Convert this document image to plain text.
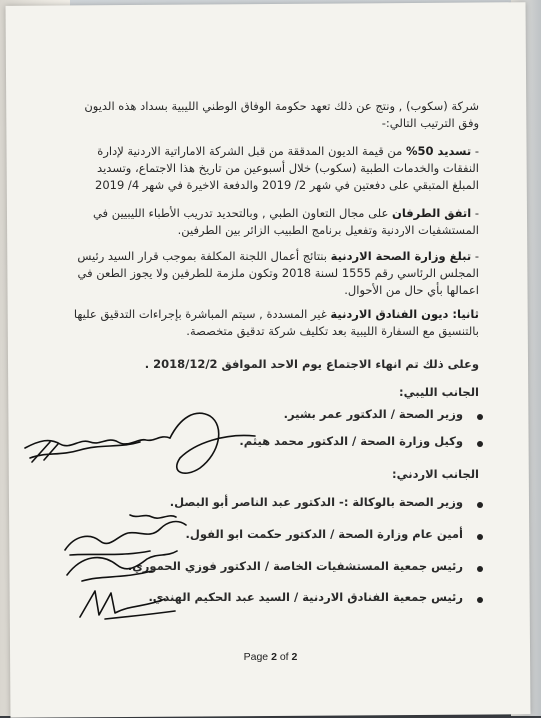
شركة (سكوب) , ونتج عن ذلك تعهد حكومة الوفاق الوطني الليبية بسداد هذه الديون
وفق الترتيب التالي:-
- تسديد 50% من قيمة الديون المدققة من قبل الشركة الاماراتية الاردنية لإدارة النفقات والخدمات الطبية (سكوب) خلال أسبوعين من تاريخ هذا الاجتماع، وتسديد المبلغ المتبقي على دفعتين في شهر 2/ 2019 والدفعة الاخيرة في شهر 4/ 2019
- اتفق الطرفان على مجال التعاون الطبي , وبالتحديد تدريب الأطباء الليبيين في المستشفيات الاردنية وتفعيل برنامج الطبيب الزائر بين الطرفين.
- تبلغ وزارة الصحة الاردنية بنتائج أعمال اللجنة المكلفة بموجب قرار السيد رئيس المجلس الرئاسي رقم 1555 لسنة 2018 وتكون ملزمة للطرفين ولا يجوز الطعن في اعمالها بأي حال من الأحوال.
ثانيا: ديون الفنادق الاردنية غير المسددة , سيتم المباشرة بإجراءات التدقيق عليها بالتنسيق مع السفارة الليبية بعد تكليف شركة تدقيق متخصصة.
وعلى ذلك تم انهاء الاجتماع يوم الاحد الموافق 2018/12/2 .
الجانب الليبي:
وزير الصحة / الدكتور عمر بشير.
وكيل وزارة الصحة / الدكتور محمد هيثم.
الجانب الاردني:
وزير الصحة بالوكالة :- الدكتور عبد الناصر أبو البصل.
أمين عام وزارة الصحة / الدكتور حكمت ابو الفول.
رئيس جمعية المستشفيات الخاصة / الدكتور فوزي الحموري.
رئيس جمعية الفنادق الاردنية / السيد عبد الحكيم الهندي.
Page 2 of 2
